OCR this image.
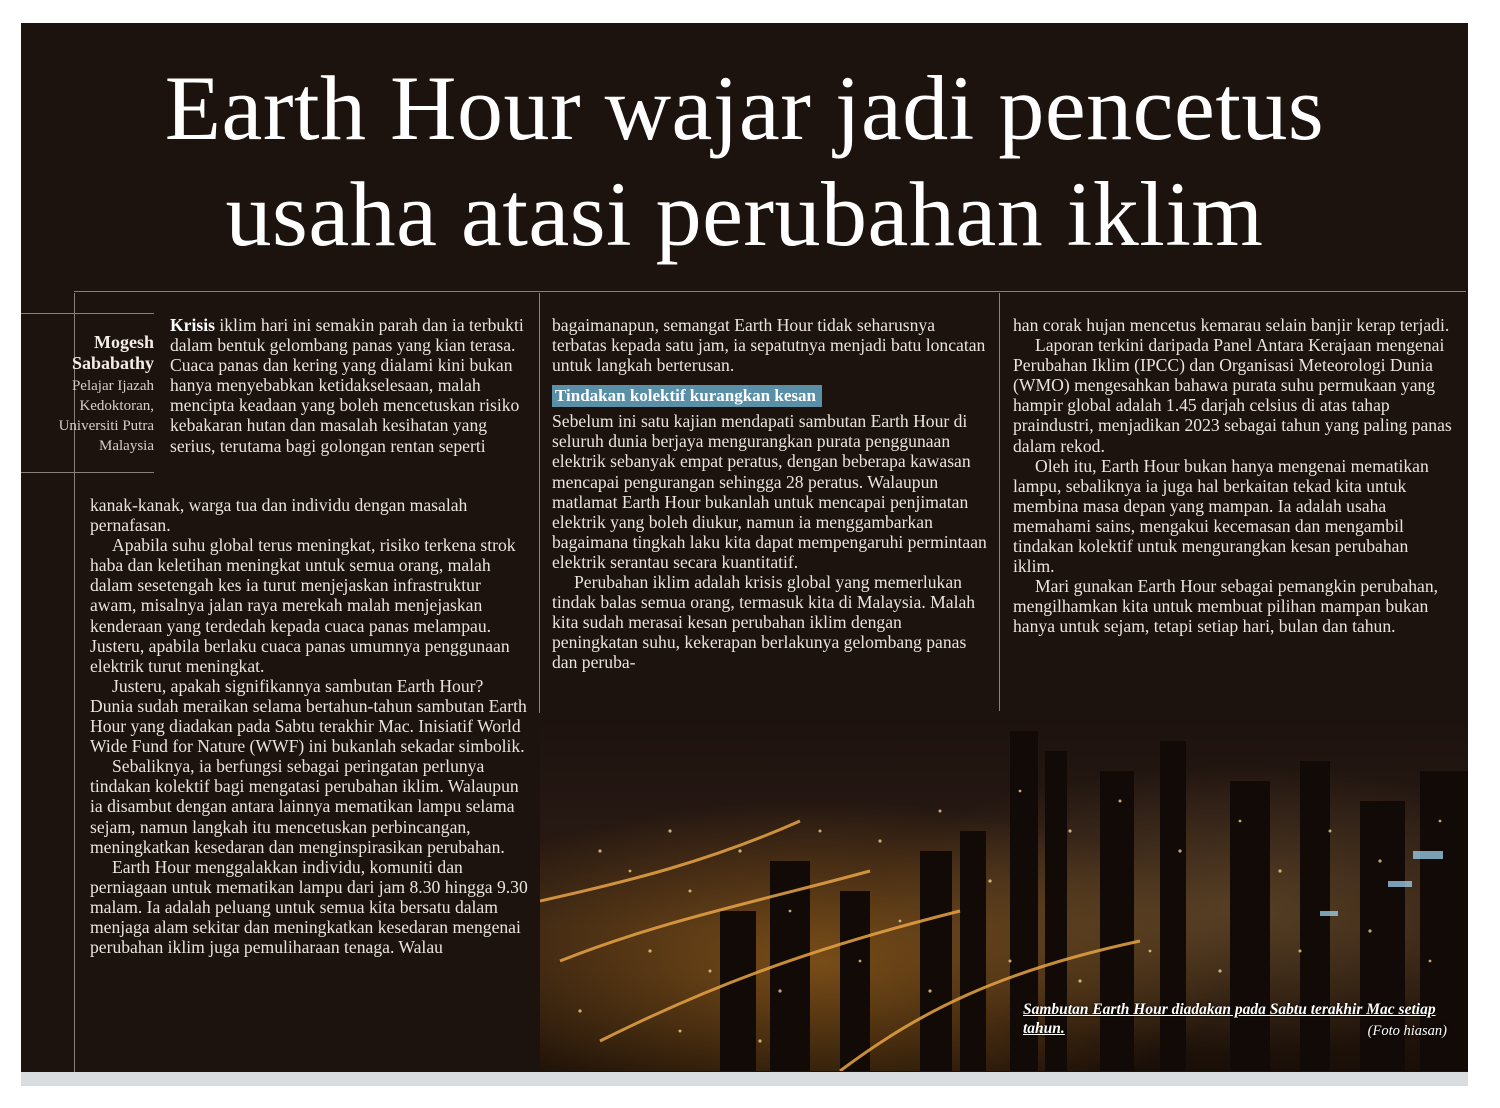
Earth Hour wajar jadi pencetus
usaha atasi perubahan iklim
Mogesh
Sababathy
Pelajar Ijazah
Kedoktoran,
Universiti Putra
Malaysia

Krisis iklim hari ini semakin parah dan ia terbukti dalam bentuk gelombang panas yang kian terasa. Cuaca panas dan kering yang dialami kini bukan hanya menyebabkan ketidakselesaan, malah mencipta keadaan yang boleh mencetuskan risiko kebakaran hutan dan masalah kesihatan yang serius, terutama bagi golongan rentan seperti

kanak-kanak, warga tua dan individu dengan masalah pernafasan.

Apabila suhu global terus meningkat, risiko terkena strok haba dan keletihan meningkat untuk semua orang, malah dalam sesetengah kes ia turut menjejaskan infrastruktur awam, misalnya jalan raya merekah malah menjejaskan kenderaan yang terdedah kepada cuaca panas melampau. Justeru, apabila berlaku cuaca panas umumnya penggunaan elektrik turut meningkat.

Justeru, apakah signifikannya sambutan Earth Hour? Dunia sudah meraikan selama bertahun-tahun sambutan Earth Hour yang diadakan pada Sabtu terakhir Mac. Inisiatif World Wide Fund for Nature (WWF) ini bukanlah sekadar simbolik.

Sebaliknya, ia berfungsi sebagai peringatan perlunya tindakan kolektif bagi mengatasi perubahan iklim. Walaupun ia disambut dengan antara lainnya mematikan lampu selama sejam, namun langkah itu mencetuskan perbincangan, meningkatkan kesedaran dan menginspirasikan perubahan.

Earth Hour menggalakkan individu, komuniti dan perniagaan untuk mematikan lampu dari jam 8.30 hingga 9.30 malam. Ia adalah peluang untuk semua kita bersatu dalam menjaga alam sekitar dan meningkatkan kesedaran mengenai perubahan iklim juga pemuliharaan tenaga. Walau

bagaimanapun, semangat Earth Hour tidak seharusnya terbatas kepada satu jam, ia sepatutnya menjadi batu loncatan untuk langkah berterusan.

Tindakan kolektif kurangkan kesan

Sebelum ini satu kajian mendapati sambutan Earth Hour di seluruh dunia berjaya mengurangkan purata penggunaan elektrik sebanyak empat peratus, dengan beberapa kawasan mencapai pengurangan sehingga 28 peratus. Walaupun matlamat Earth Hour bukanlah untuk mencapai penjimatan elektrik yang boleh diukur, namun ia menggambarkan bagaimana tingkah laku kita dapat mempengaruhi permintaan elektrik serantau secara kuantitatif.

Perubahan iklim adalah krisis global yang memerlukan tindak balas semua orang, termasuk kita di Malaysia. Malah kita sudah merasai kesan perubahan iklim dengan peningkatan suhu, kekerapan berlakunya gelombang panas dan peruba-

han corak hujan mencetus kemarau selain banjir kerap terjadi.

Laporan terkini daripada Panel Antara Kerajaan mengenai Perubahan Iklim (IPCC) dan Organisasi Meteorologi Dunia (WMO) mengesahkan bahawa purata suhu permukaan yang hampir global adalah 1.45 darjah celsius di atas tahap praindustri, menjadikan 2023 sebagai tahun yang paling panas dalam rekod.

Oleh itu, Earth Hour bukan hanya mengenai mematikan lampu, sebaliknya ia juga hal berkaitan tekad kita untuk membina masa depan yang mampan. Ia adalah usaha memahami sains, mengakui kecemasan dan mengambil tindakan kolektif untuk mengurangkan kesan perubahan iklim.

Mari gunakan Earth Hour sebagai pemangkin perubahan, mengilhamkan kita untuk membuat pilihan mampan bukan hanya untuk sejam, tetapi setiap hari, bulan dan tahun.

Sambutan Earth Hour diadakan pada Sabtu terakhir Mac setiap tahun.	(Foto hiasan)
